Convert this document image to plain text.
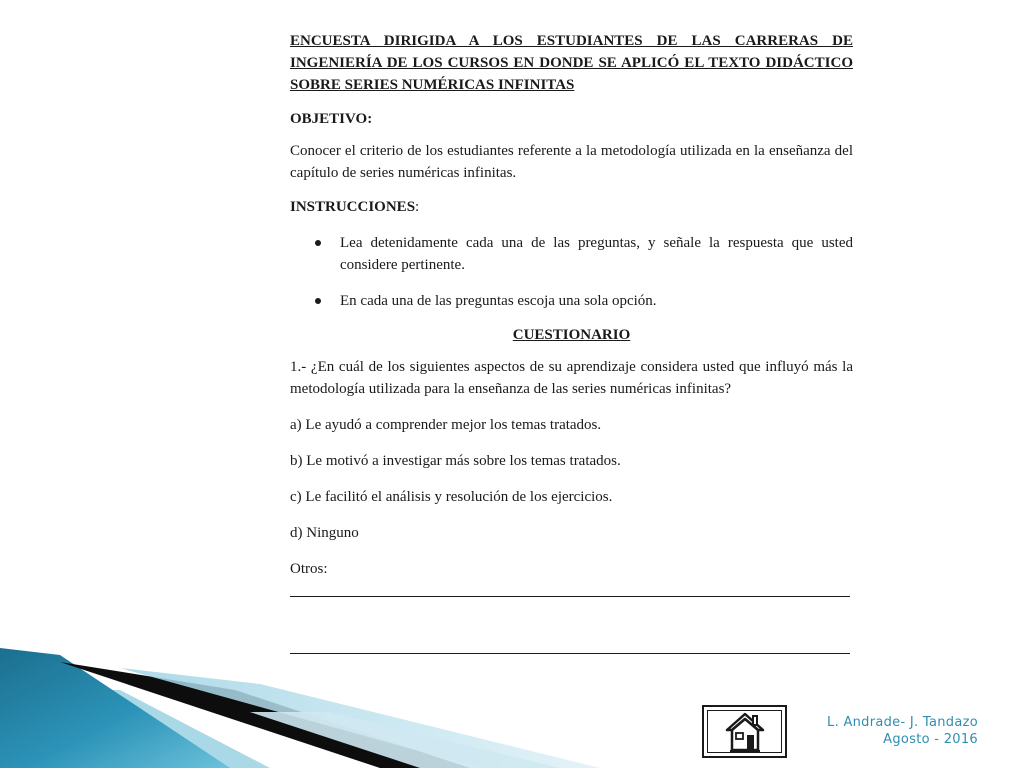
ENCUESTA DIRIGIDA A LOS ESTUDIANTES DE LAS CARRERAS DE INGENIERÍA DE LOS CURSOS EN DONDE SE APLICÓ EL TEXTO DIDÁCTICO SOBRE SERIES NUMÉRICAS INFINITAS

OBJETIVO:

Conocer el criterio de los estudiantes referente a la metodología utilizada en la enseñanza del capítulo de series numéricas infinitas.

INSTRUCCIONES:

Lea detenidamente cada una de las preguntas, y señale la respuesta que usted considere pertinente.
En cada una de las preguntas escoja una sola opción.

CUESTIONARIO

1.- ¿En cuál de los siguientes aspectos de su aprendizaje considera usted que influyó más la metodología utilizada para la enseñanza de las series numéricas infinitas?

a) Le ayudó a comprender mejor los temas tratados.

b) Le motivó a investigar más sobre los temas tratados.

c) Le facilitó el análisis y resolución de los ejercicios.

d) Ninguno

Otros:

L. Andrade- J. Tandazo
Agosto - 2016
